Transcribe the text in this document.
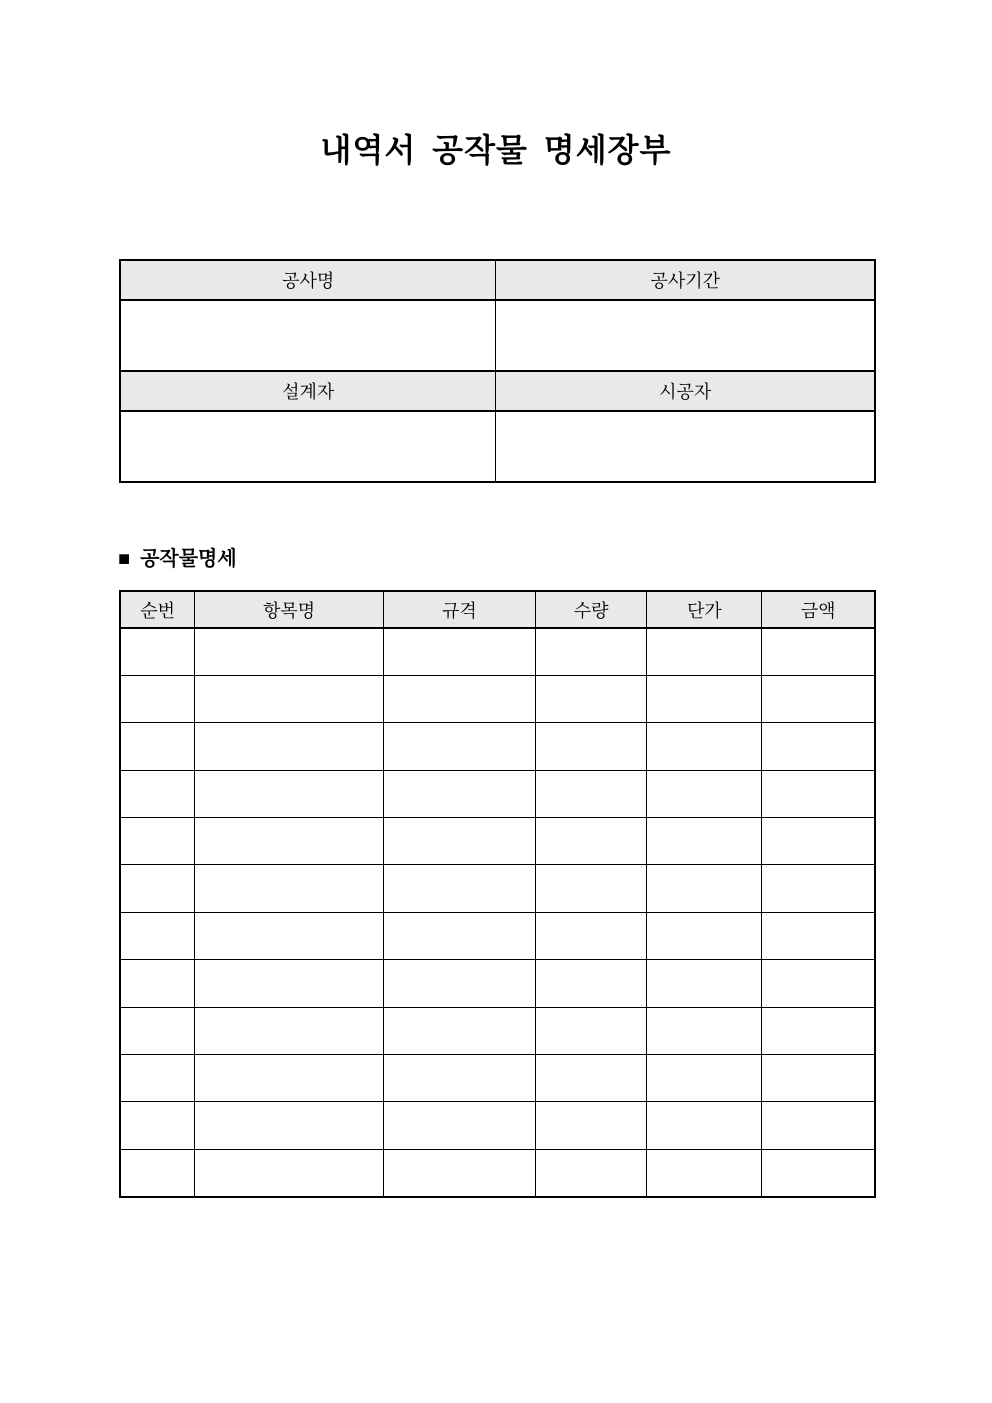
내역서 공작물 명세장부
공사명	공사기간

설계자	시공자

■ 공작물명세
순번	항목명	규격	수량	단가	금액
